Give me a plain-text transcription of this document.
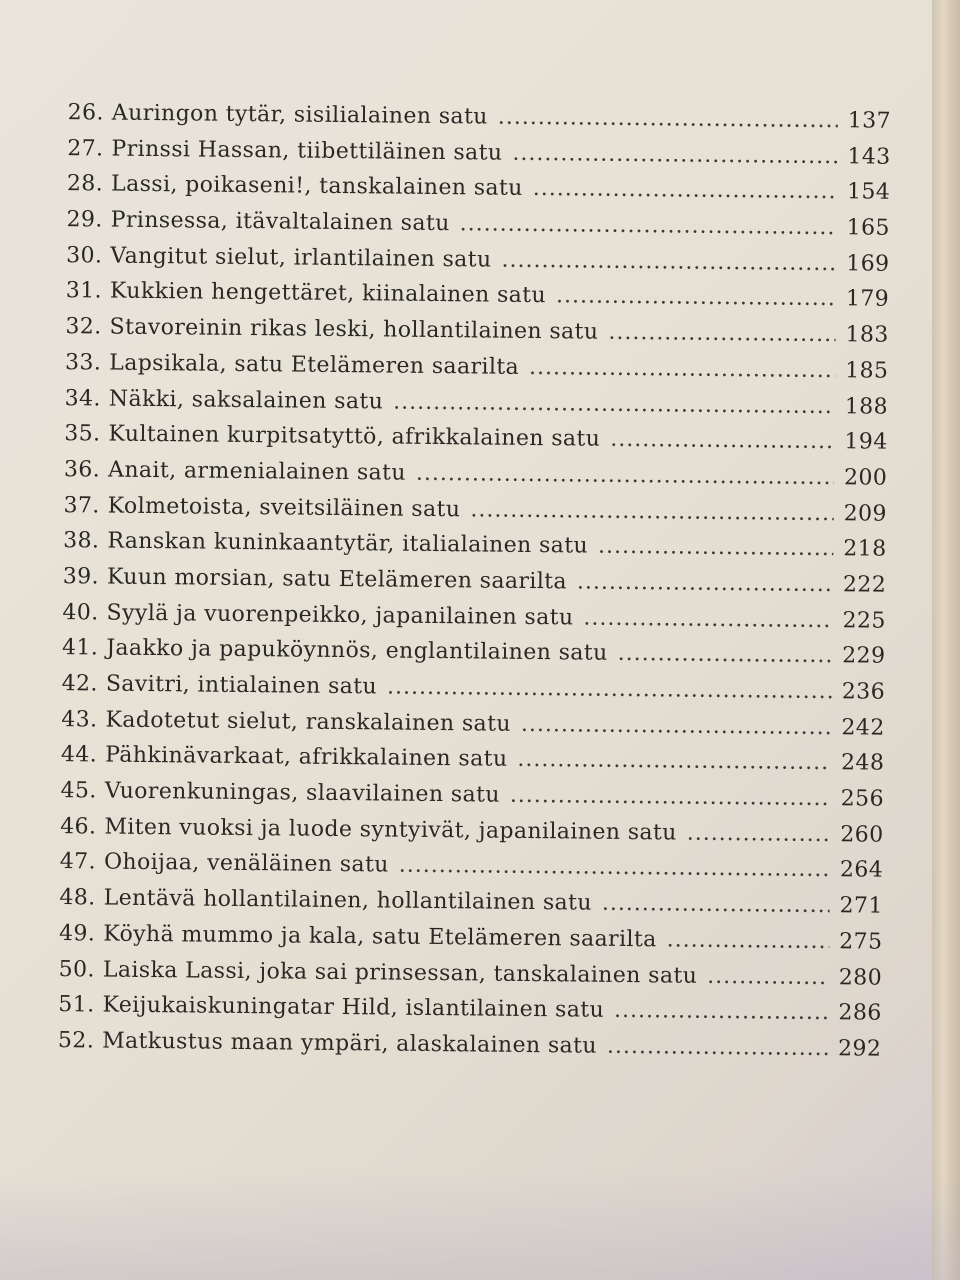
26. Auringon tytär, sisilialainen satu .....	137
27. Prinssi Hassan, tiibettiläinen satu .....	143
28. Lassi, poikaseni!, tanskalainen satu .....	154
29. Prinsessa, itävaltalainen satu .....	165
30. Vangitut sielut, irlantilainen satu .....	169
31. Kukkien hengettäret, kiinalainen satu .....	179
32. Stavoreinin rikas leski, hollantilainen satu .....	183
33. Lapsikala, satu Etelämeren saarilta .....	185
34. Näkki, saksalainen satu .....	188
35. Kultainen kurpitsatyttö, afrikkalainen satu .....	194
36. Anait, armenialainen satu .....	200
37. Kolmetoista, sveitsiläinen satu .....	209
38. Ranskan kuninkaantytär, italialainen satu .....	218
39. Kuun morsian, satu Etelämeren saarilta .....	222
40. Syylä ja vuorenpeikko, japanilainen satu .....	225
41. Jaakko ja papuköynnös, englantilainen satu .....	229
42. Savitri, intialainen satu .....	236
43. Kadotetut sielut, ranskalainen satu .....	242
44. Pähkinävarkaat, afrikkalainen satu .....	248
45. Vuorenkuningas, slaavilainen satu .....	256
46. Miten vuoksi ja luode syntyivät, japanilainen satu .....	260
47. Ohoijaa, venäläinen satu .....	264
48. Lentävä hollantilainen, hollantilainen satu .....	271
49. Köyhä mummo ja kala, satu Etelämeren saarilta .....	275
50. Laiska Lassi, joka sai prinsessan, tanskalainen satu .....	280
51. Keijukaiskuningatar Hild, islantilainen satu .....	286
52. Matkustus maan ympäri, alaskalainen satu .....	292
